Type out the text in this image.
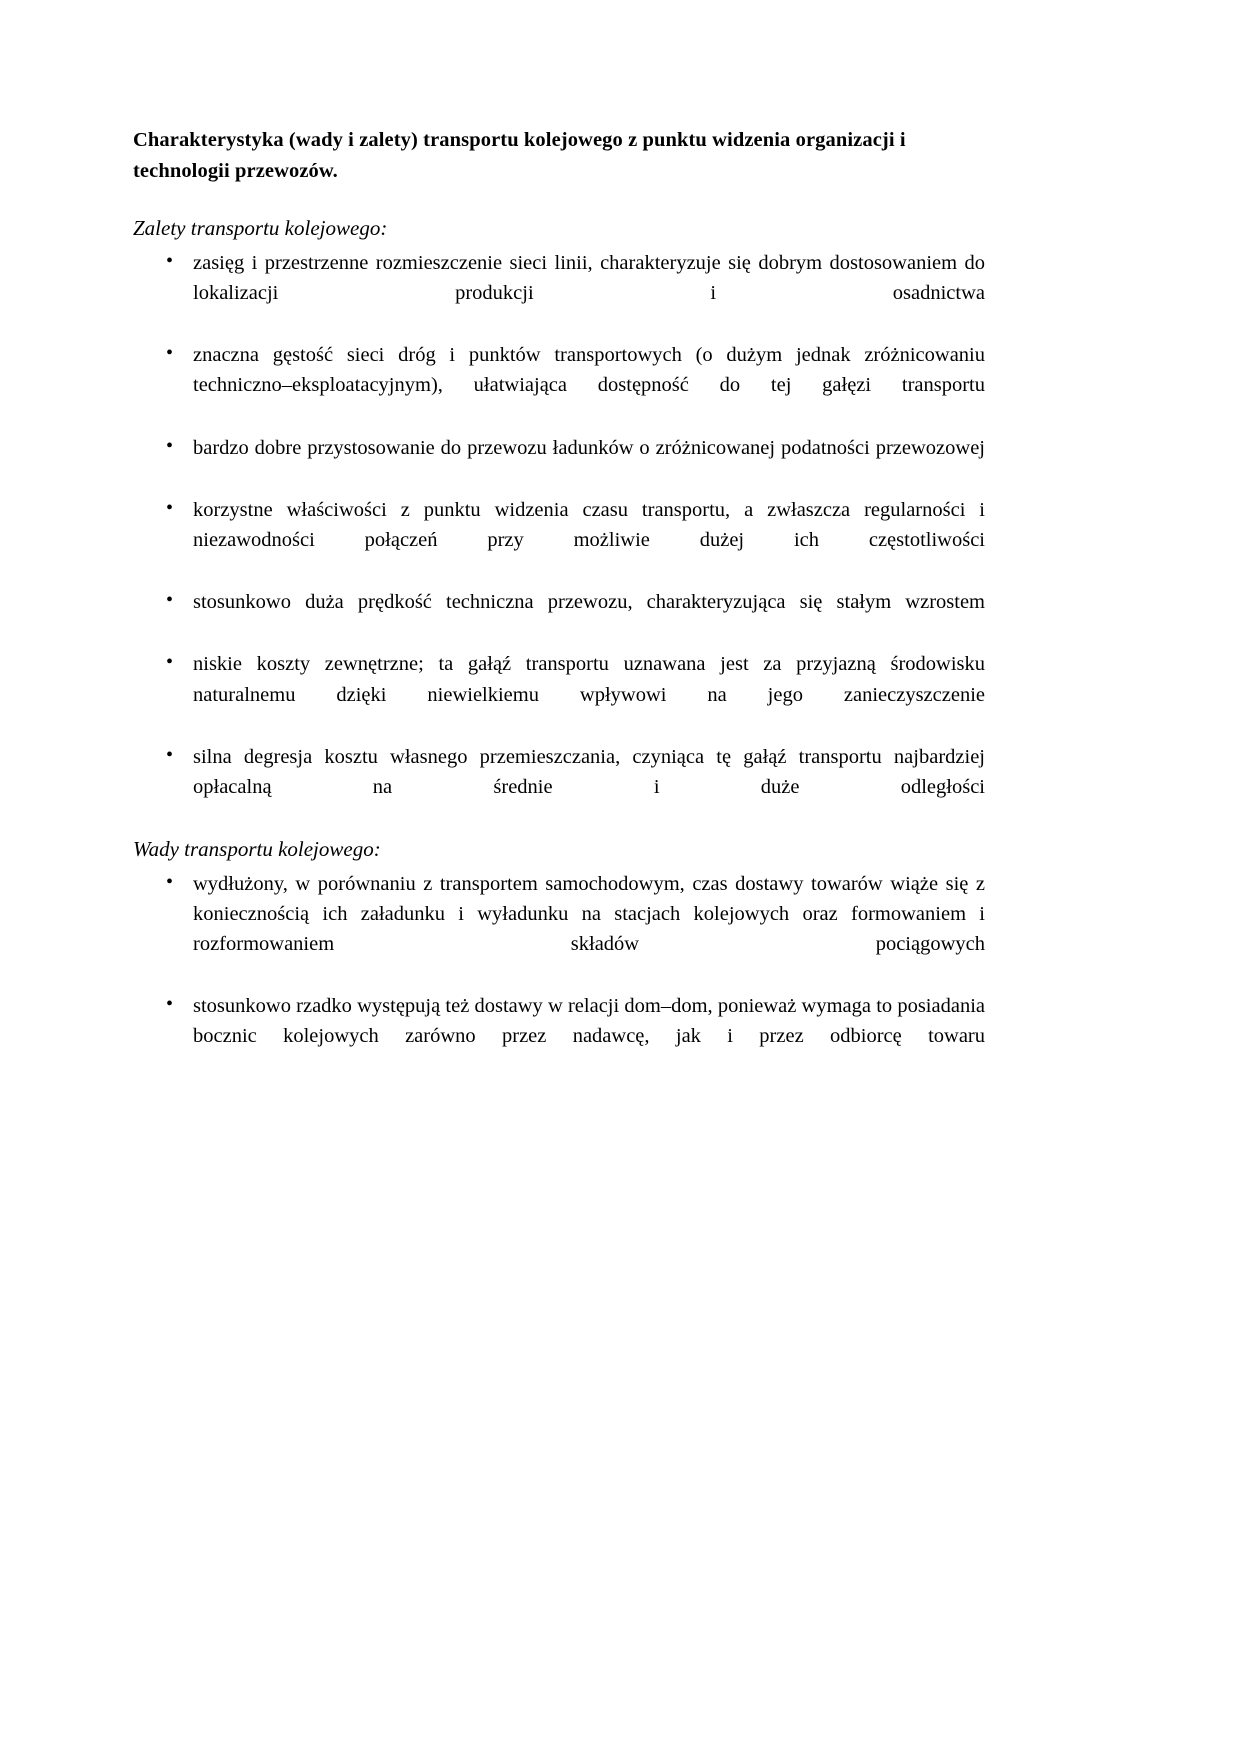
Charakterystyka (wady i zalety) transportu kolejowego z punktu widzenia organizacji i technologii przewozów.
Zalety transportu kolejowego:
• zasięg i przestrzenne rozmieszczenie sieci linii, charakteryzuje się dobrym dostosowaniem do lokalizacji produkcji i osadnictwa
• znaczna gęstość sieci dróg i punktów transportowych (o dużym jednak zróżnicowaniu techniczno–eksploatacyjnym), ułatwiająca dostępność do tej gałęzi transportu
• bardzo dobre przystosowanie do przewozu ładunków o zróżnicowanej podatności przewozowej
• korzystne właściwości z punktu widzenia czasu transportu, a zwłaszcza regularności i niezawodności połączeń przy możliwie dużej ich częstotliwości
• stosunkowo duża prędkość techniczna przewozu, charakteryzująca się stałym wzrostem
• niskie koszty zewnętrzne; ta gałąź transportu uznawana jest za przyjazną środowisku naturalnemu dzięki niewielkiemu wpływowi na jego zanieczyszczenie
• silna degresja kosztu własnego przemieszczania, czyniąca tę gałąź transportu najbardziej opłacalną na średnie i duże odległości
Wady transportu kolejowego:
• wydłużony, w porównaniu z transportem samochodowym, czas dostawy towarów wiąże się z koniecznością ich załadunku i wyładunku na stacjach kolejowych oraz formowaniem i rozformowaniem składów pociągowych
• stosunkowo rzadko występują też dostawy w relacji dom–dom, ponieważ wymaga to posiadania bocznic kolejowych zarówno przez nadawcę, jak i przez odbiorcę towaru
